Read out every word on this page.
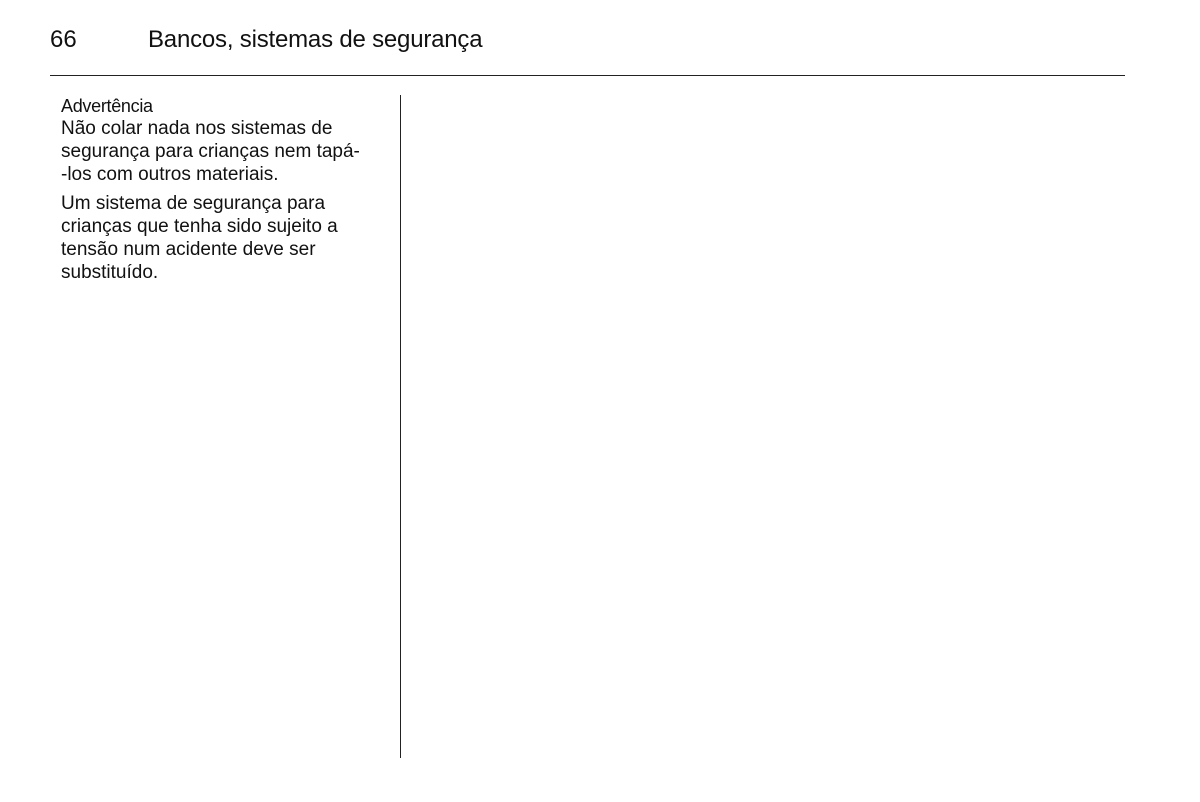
66	Bancos, sistemas de segurança
Advertência

Não colar nada nos sistemas de
segurança para crianças nem tapá-
-los com outros materiais.

Um sistema de segurança para
crianças que tenha sido sujeito a
tensão num acidente deve ser
substituído.
